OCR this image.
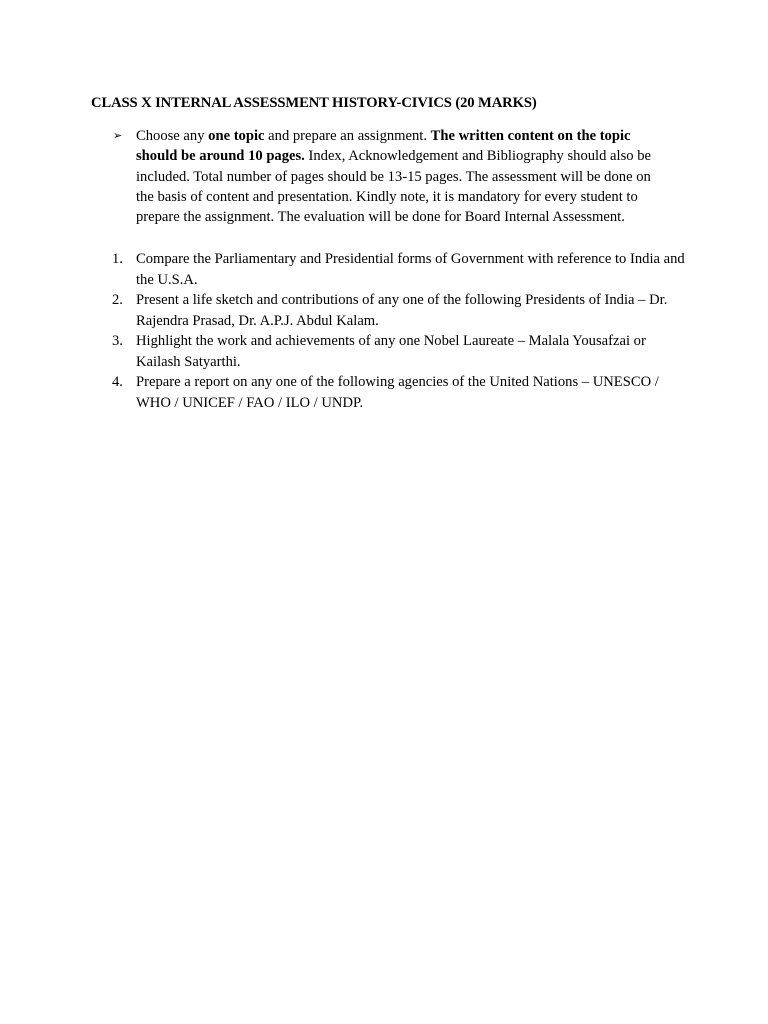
CLASS X INTERNAL ASSESSMENT HISTORY-CIVICS (20 MARKS)
➢ Choose any one topic and prepare an assignment. The written content on the topic should be around 10 pages. Index, Acknowledgement and Bibliography should also be included. Total number of pages should be 13-15 pages. The assessment will be done on the basis of content and presentation. Kindly note, it is mandatory for every student to prepare the assignment. The evaluation will be done for Board Internal Assessment.
1. Compare the Parliamentary and Presidential forms of Government with reference to India and the U.S.A.
2. Present a life sketch and contributions of any one of the following Presidents of India – Dr. Rajendra Prasad, Dr. A.P.J. Abdul Kalam.
3. Highlight the work and achievements of any one Nobel Laureate – Malala Yousafzai or Kailash Satyarthi.
4. Prepare a report on any one of the following agencies of the United Nations – UNESCO / WHO / UNICEF / FAO / ILO / UNDP.
